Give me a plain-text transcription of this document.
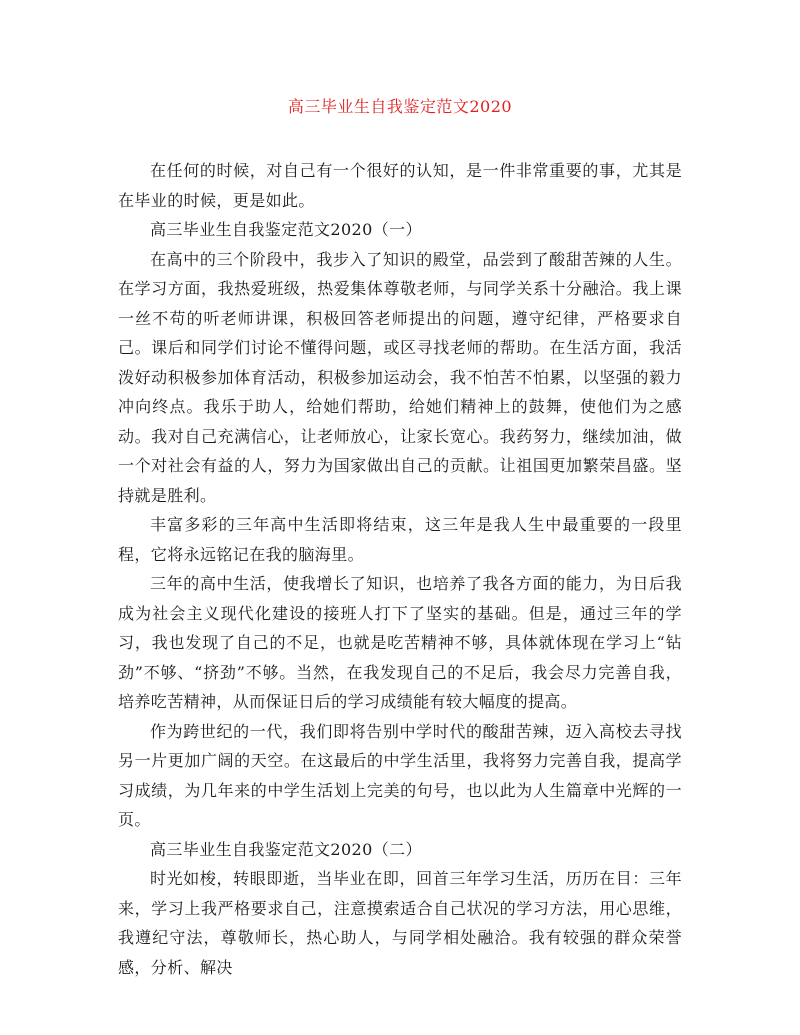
高三毕业生自我鉴定范文2020

在任何的时候，对自己有一个很好的认知，是一件非常重要的事，尤其是在毕业的时候，更是如此。

高三毕业生自我鉴定范文2020（一）

在高中的三个阶段中，我步入了知识的殿堂，品尝到了酸甜苦辣的人生。在学习方面，我热爱班级，热爱集体尊敬老师，与同学关系十分融洽。我上课一丝不苟的听老师讲课，积极回答老师提出的问题，遵守纪律，严格要求自己。课后和同学们讨论不懂得问题，或区寻找老师的帮助。在生活方面，我活泼好动积极参加体育活动，积极参加运动会，我不怕苦不怕累，以坚强的毅力冲向终点。我乐于助人，给她们帮助，给她们精神上的鼓舞，使他们为之感动。我对自己充满信心，让老师放心，让家长宽心。我药努力，继续加油，做一个对社会有益的人，努力为国家做出自己的贡献。让祖国更加繁荣昌盛。坚持就是胜利。

丰富多彩的三年高中生活即将结束，这三年是我人生中最重要的一段里程，它将永远铭记在我的脑海里。

三年的高中生活，使我增长了知识，也培养了我各方面的能力，为日后我成为社会主义现代化建设的接班人打下了坚实的基础。但是，通过三年的学习，我也发现了自己的不足，也就是吃苦精神不够，具体就体现在学习上“钻劲”不够、“挤劲”不够。当然，在我发现自己的不足后，我会尽力完善自我，培养吃苦精神，从而保证日后的学习成绩能有较大幅度的提高。

作为跨世纪的一代，我们即将告别中学时代的酸甜苦辣，迈入高校去寻找另一片更加广阔的天空。在这最后的中学生活里，我将努力完善自我，提高学习成绩，为几年来的中学生活划上完美的句号，也以此为人生篇章中光辉的一页。

高三毕业生自我鉴定范文2020（二）

时光如梭，转眼即逝，当毕业在即，回首三年学习生活，历历在目：三年来，学习上我严格要求自己，注意摸索适合自己状况的学习方法，用心思维，我遵纪守法，尊敬师长，热心助人，与同学相处融洽。我有较强的群众荣誉感，分析、解决
